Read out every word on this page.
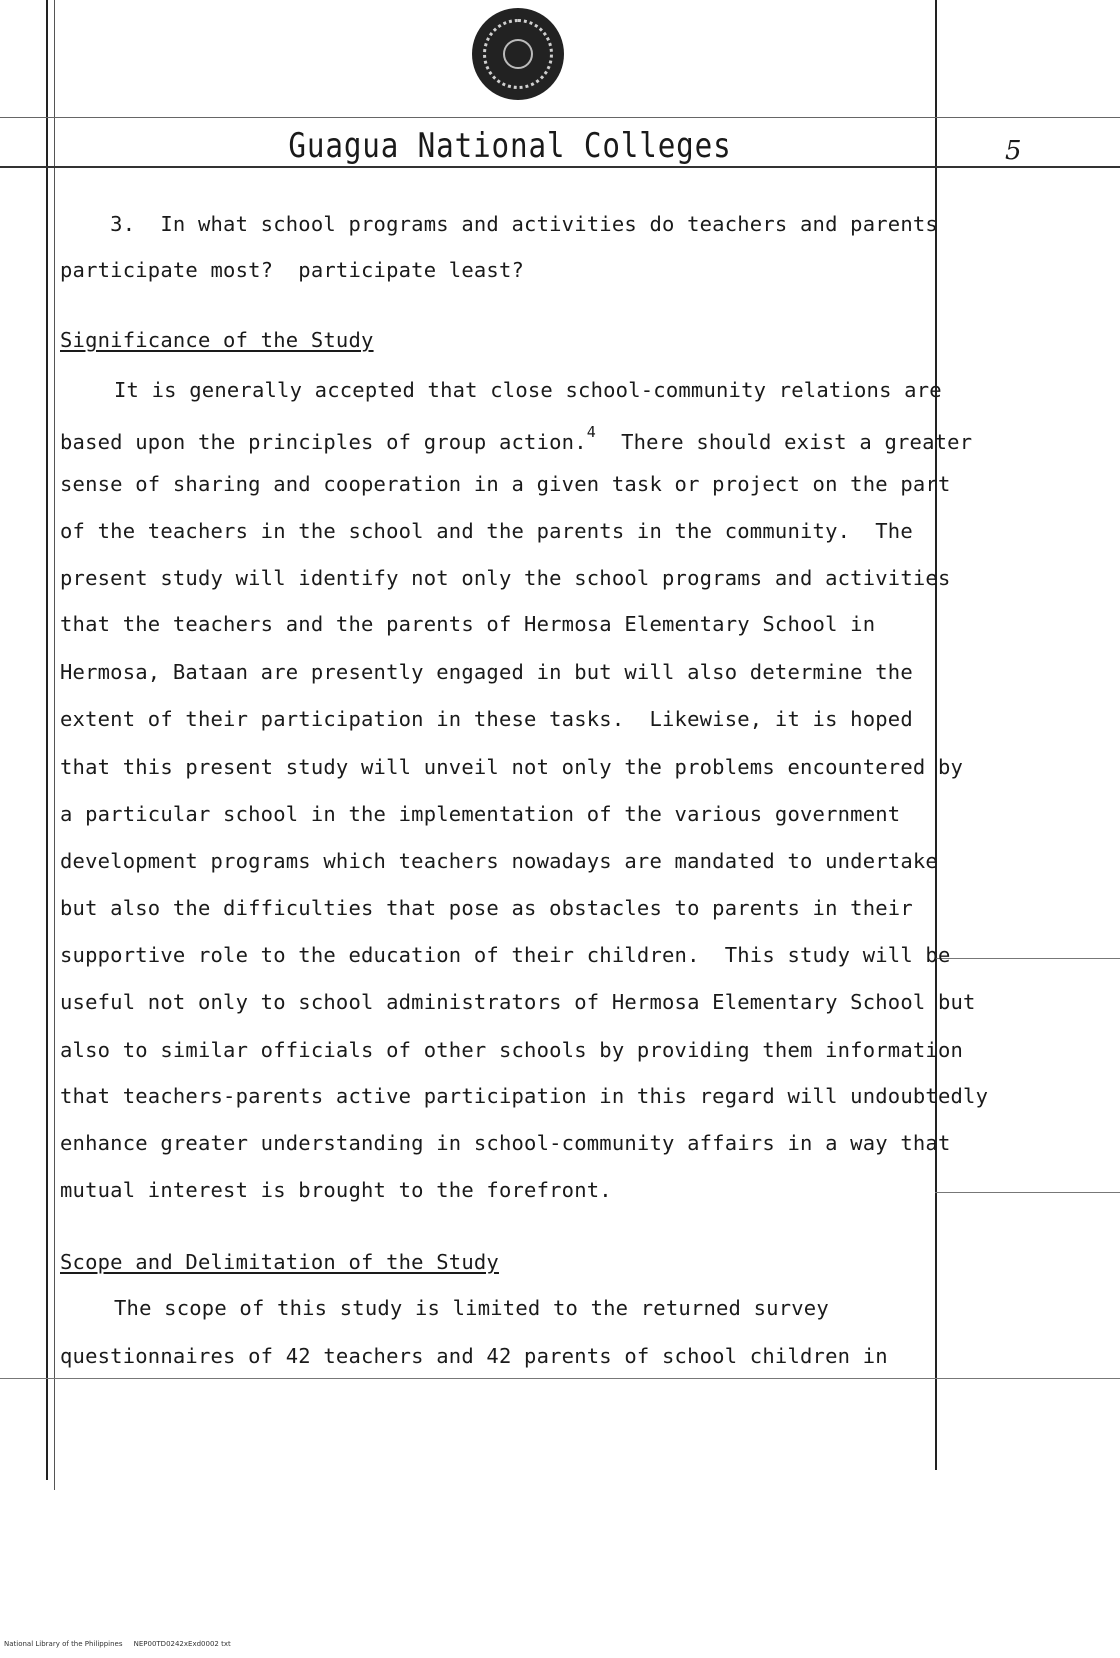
Guagua National Colleges	5
3.  In what school programs and activities do teachers and parents
participate most?  participate least?
Significance of the Study
It is generally accepted that close school-community relations are
based upon the principles of group action.$^4$  There should exist a greater
sense of sharing and cooperation in a given task or project on the part
of the teachers in the school and the parents in the community.  The
present study will identify not only the school programs and activities
that the teachers and the parents of Hermosa Elementary School in
Hermosa, Bataan are presently engaged in but will also determine the
extent of their participation in these tasks.  Likewise, it is hoped
that this present study will unveil not only the problems encountered by
a particular school in the implementation of the various government
development programs which teachers nowadays are mandated to undertake
but also the difficulties that pose as obstacles to parents in their
supportive role to the education of their children.  This study will be
useful not only to school administrators of Hermosa Elementary School but
also to similar officials of other schools by providing them information
that teachers-parents active participation in this regard will undoubtedly
enhance greater understanding in school-community affairs in a way that
mutual interest is brought to the forefront.
Scope and Delimitation of the Study
The scope of this study is limited to the returned survey
questionnaires of 42 teachers and 42 parents of school children in
National Library of the Philippines     NEP00TD0242xExd0002 txt
